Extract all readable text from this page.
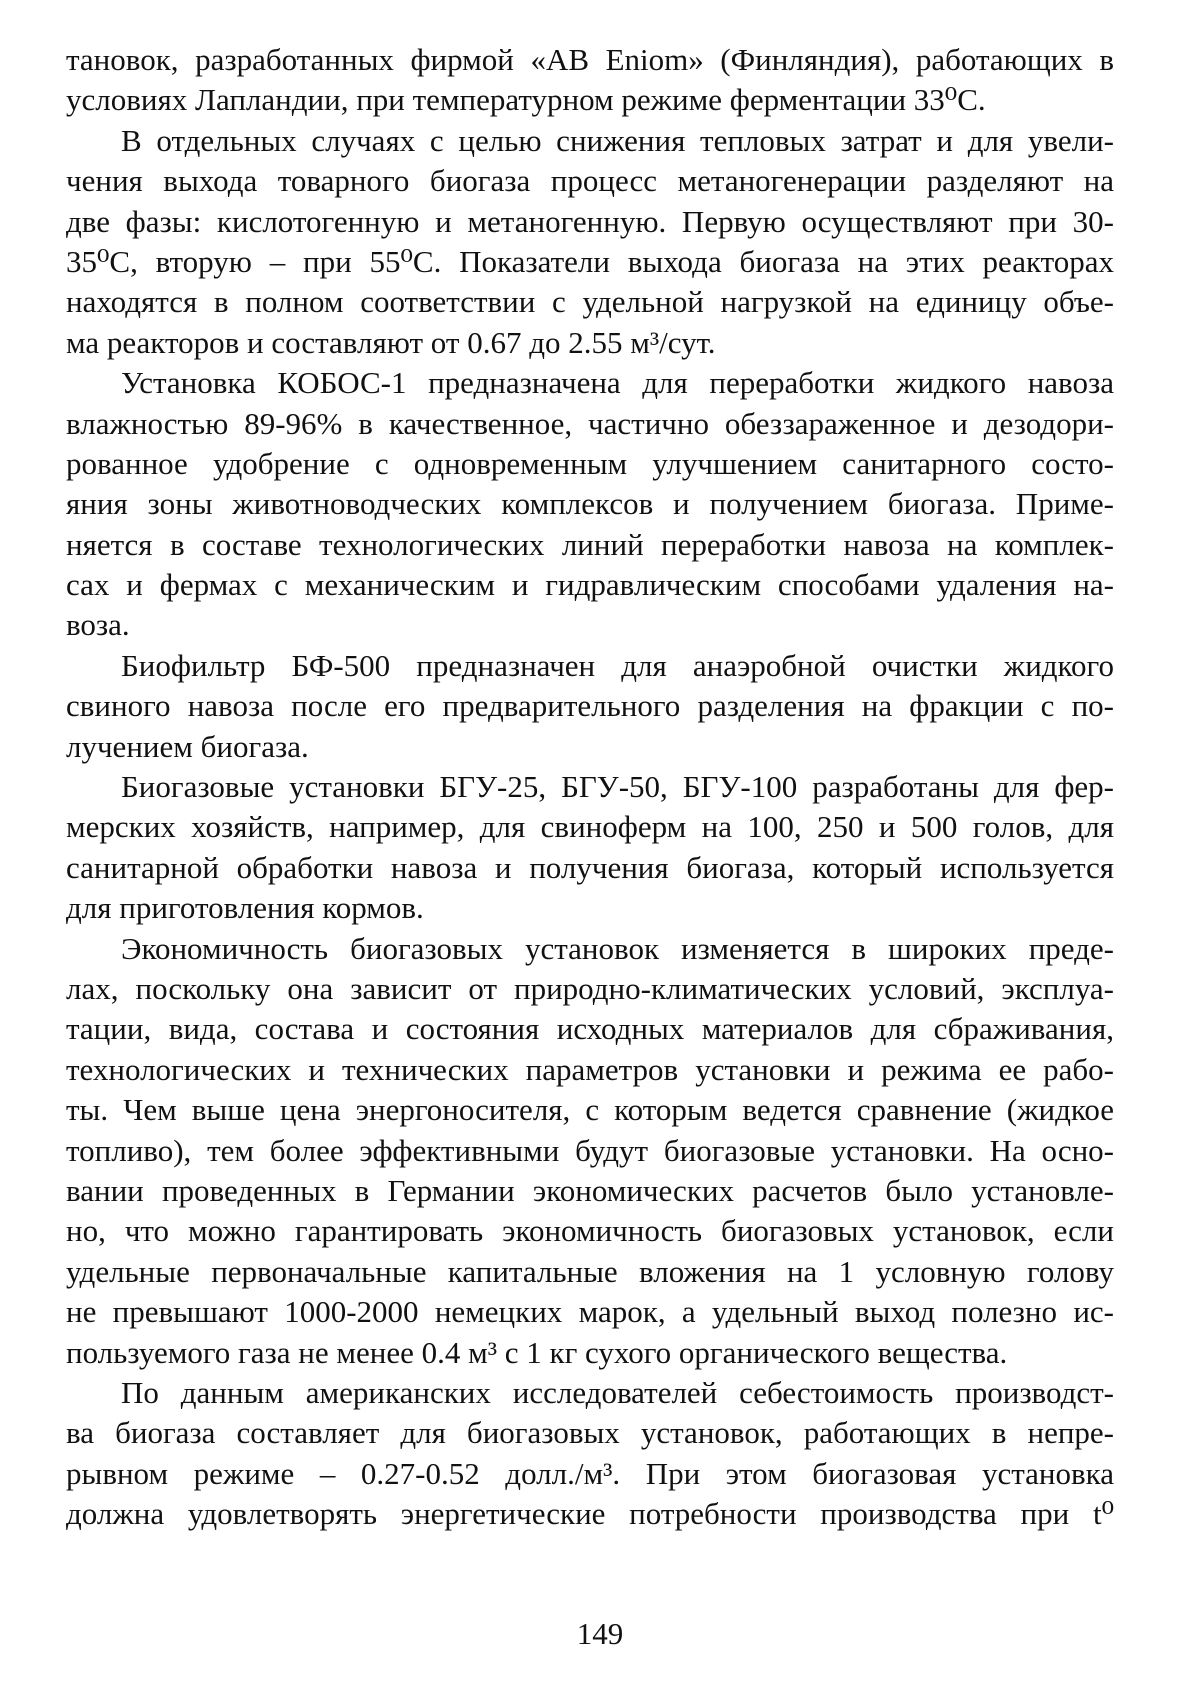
тановок, разработанных фирмой «АВ Eniom» (Финляндия), работающих в
условиях Лапландии, при температурном режиме ферментации 33⁰С.
В отдельных случаях с целью снижения тепловых затрат и для увели-
чения выхода товарного биогаза процесс метаногенерации разделяют на
две фазы: кислотогенную и метаногенную. Первую осуществляют при 30-
35⁰С, вторую – при 55⁰С. Показатели выхода биогаза на этих реакторах
находятся в полном соответствии с удельной нагрузкой на единицу объе-
ма реакторов и составляют от 0.67 до 2.55 м³/сут.
Установка КОБОС-1 предназначена для переработки жидкого навоза
влажностью 89-96% в качественное, частично обеззараженное и дезодори-
рованное удобрение с одновременным улучшением санитарного состо-
яния зоны животноводческих комплексов и получением биогаза. Приме-
няется в составе технологических линий переработки навоза на комплек-
сах и фермах с механическим и гидравлическим способами удаления на-
воза.
Биофильтр БФ-500 предназначен для анаэробной очистки жидкого
свиного навоза после его предварительного разделения на фракции с по-
лучением биогаза.
Биогазовые установки БГУ-25, БГУ-50, БГУ-100 разработаны для фер-
мерских хозяйств, например, для свиноферм на 100, 250 и 500 голов, для
санитарной обработки навоза и получения биогаза, который используется
для приготовления кормов.
Экономичность биогазовых установок изменяется в широких преде-
лах, поскольку она зависит от природно-климатических условий, эксплуа-
тации, вида, состава и состояния исходных материалов для сбраживания,
технологических и технических параметров установки и режима ее рабо-
ты. Чем выше цена энергоносителя, с которым ведется сравнение (жидкое
топливо), тем более эффективными будут биогазовые установки. На осно-
вании проведенных в Германии экономических расчетов было установле-
но, что можно гарантировать экономичность биогазовых установок, если
удельные первоначальные капитальные вложения на 1 условную голову
не превышают 1000-2000 немецких марок, а удельный выход полезно ис-
пользуемого газа не менее 0.4 м³ с 1 кг сухого органического вещества.
По данным американских исследователей себестоимость производст-
ва биогаза составляет для биогазовых установок, работающих в непре-
рывном режиме – 0.27-0.52 долл./м³. При этом биогазовая установка
должна удовлетворять энергетические потребности производства при t⁰
149
